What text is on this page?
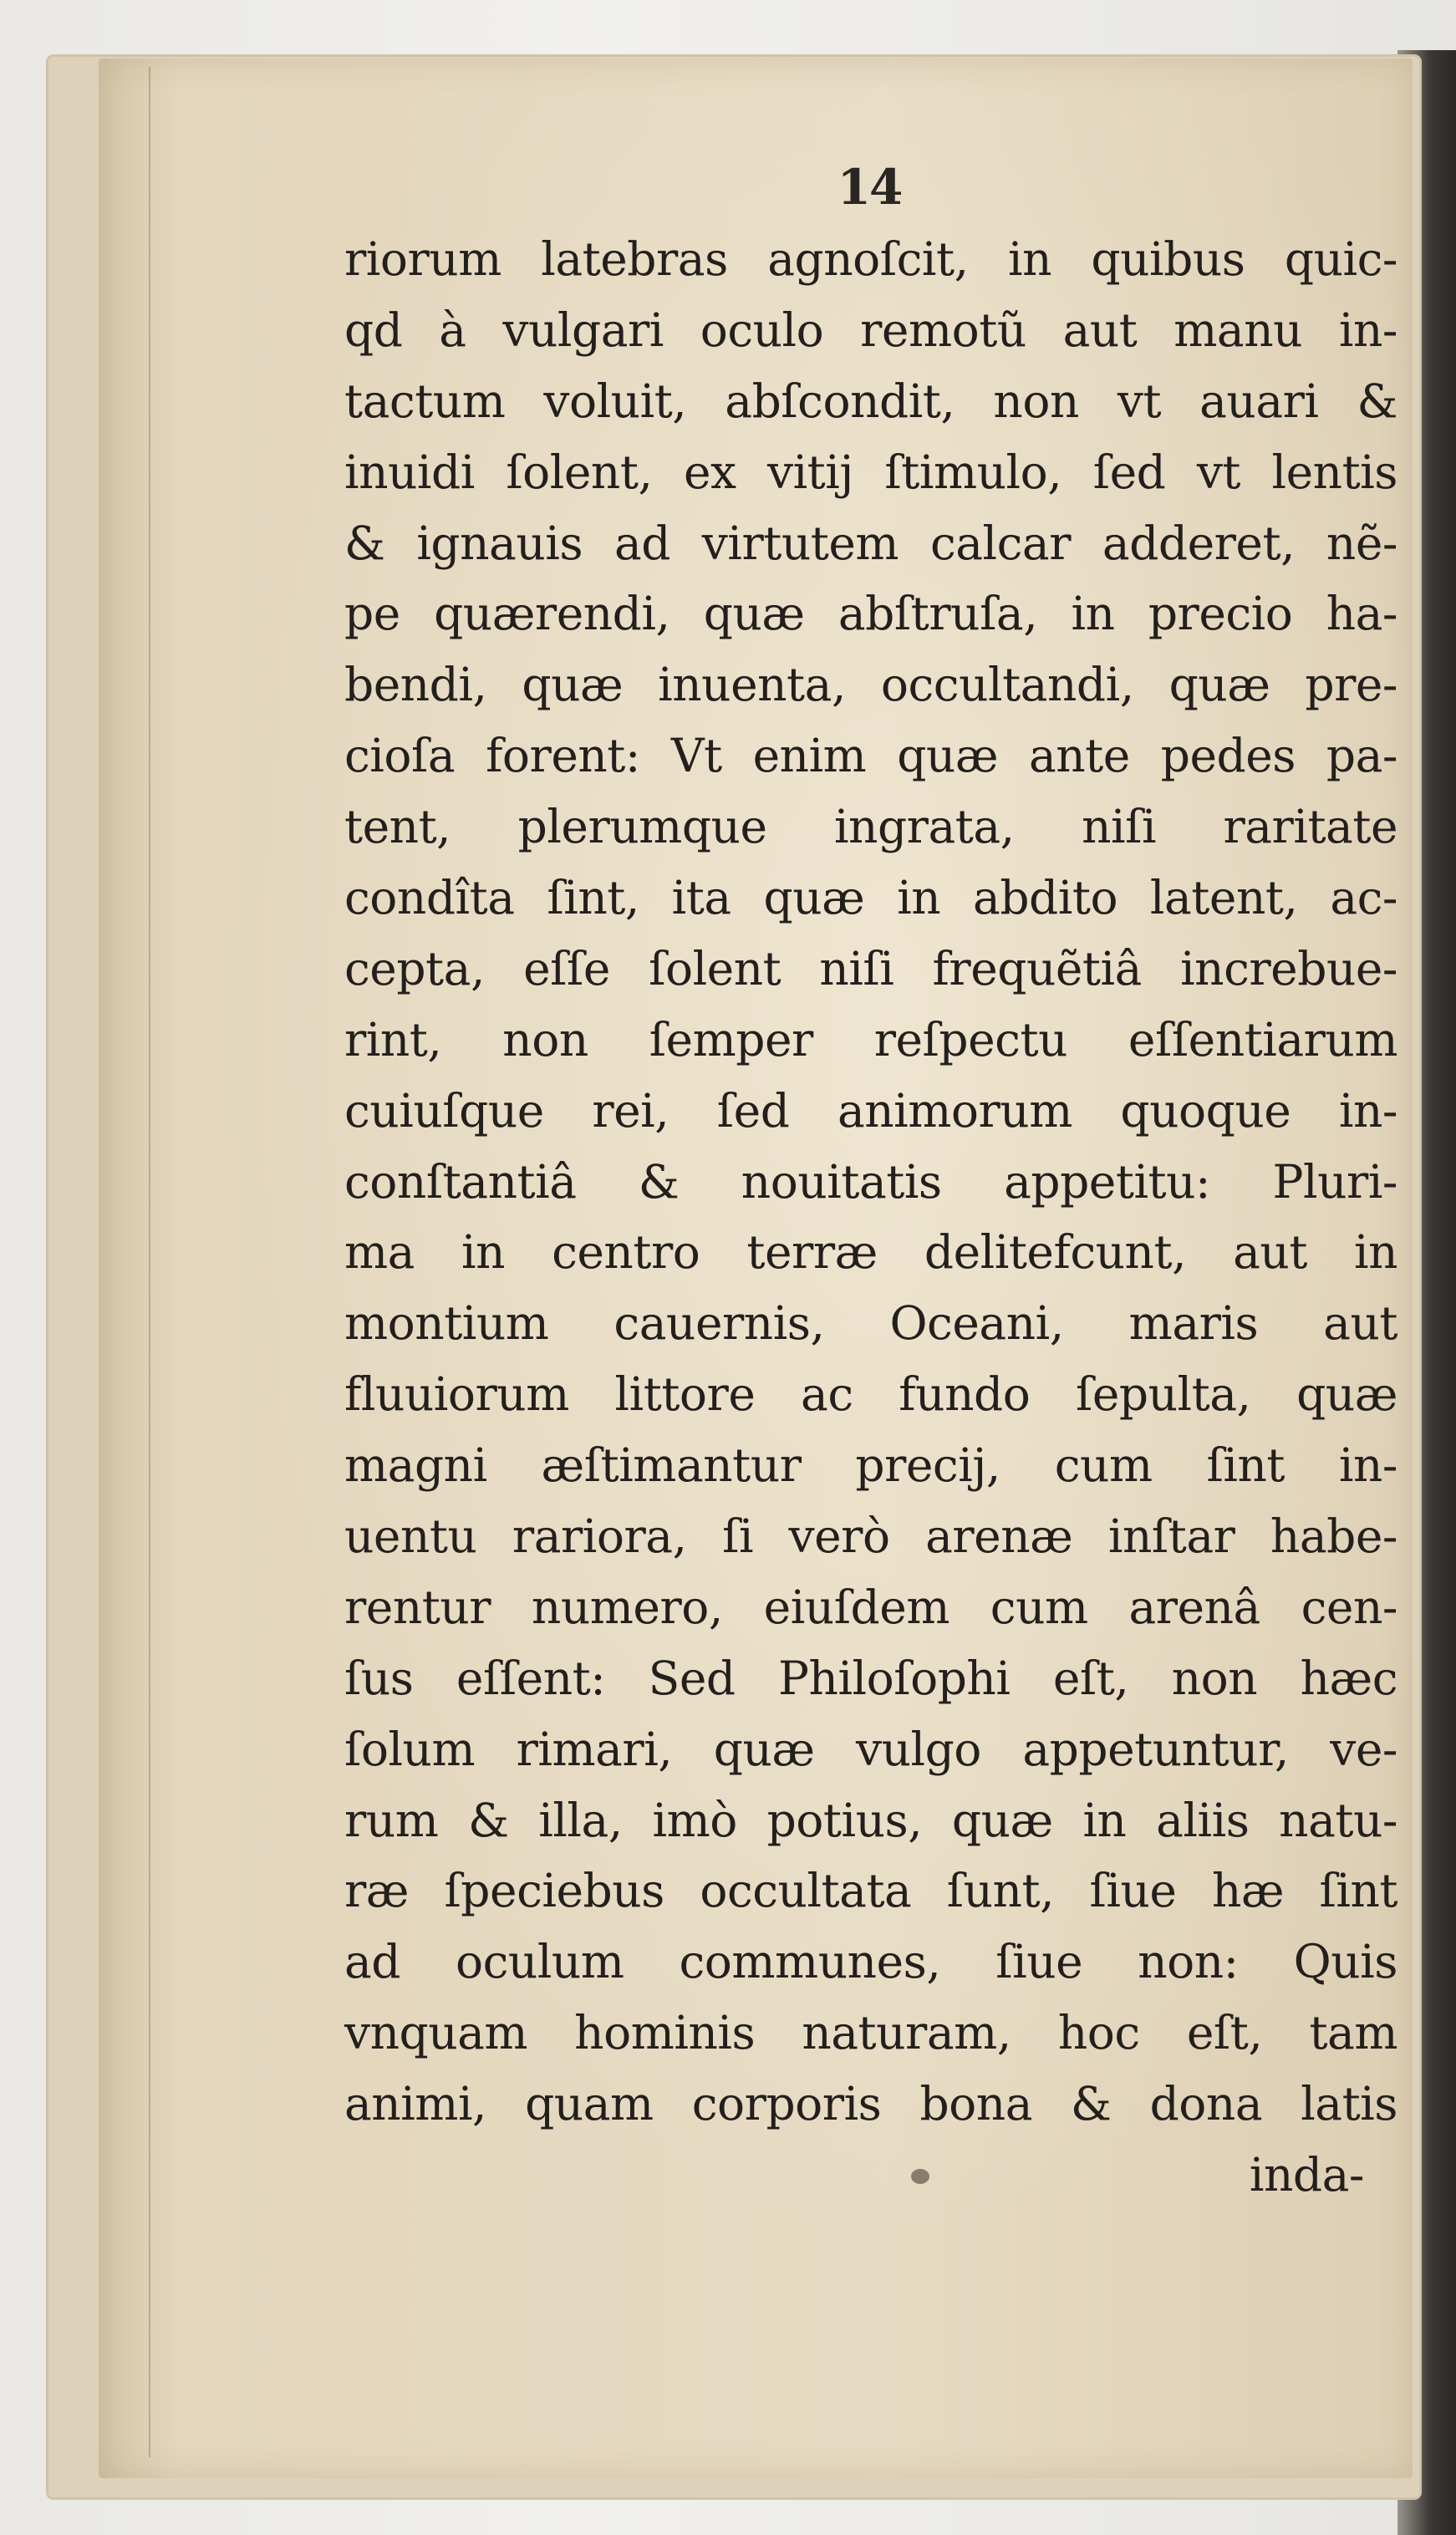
14
riorum latebras agnoſcit, in quibus quic-
qd à vulgari oculo remotũ aut manu in-
tactum voluit, abſcondit, non vt auari &
inuidi ſolent, ex vitij ſtimulo, ſed vt lentis
& ignauis ad virtutem calcar adderet, nẽ-
pe quærendi, quæ abſtruſa, in precio ha-
bendi, quæ inuenta, occultandi, quæ pre-
cioſa forent: Vt enim quæ ante pedes pa-
tent, plerumque ingrata, niſi raritate
condîta ſint, ita quæ in abdito latent, ac-
cepta, eſſe ſolent niſi frequẽtiâ increbue-
rint, non ſemper reſpectu eſſentiarum
cuiuſque rei, ſed animorum quoque in-
conſtantiâ & nouitatis appetitu: Pluri-
ma in centro terræ delitefcunt, aut in
montium cauernis, Oceani, maris aut
fluuiorum littore ac fundo ſepulta, quæ
magni æſtimantur precij, cum ſint in-
uentu rariora, ſi verò arenæ inſtar habe-
rentur numero, eiuſdem cum arenâ cen-
ſus eſſent: Sed Philoſophi eſt, non hæc
ſolum rimari, quæ vulgo appetuntur, ve-
rum & illa, imò potius, quæ in aliis natu-
ræ ſpeciebus occultata ſunt, ſiue hæ ſint
ad oculum communes, ſiue non: Quis
vnquam hominis naturam, hoc eſt, tam
animi, quam corporis bona & dona latis
inda-
